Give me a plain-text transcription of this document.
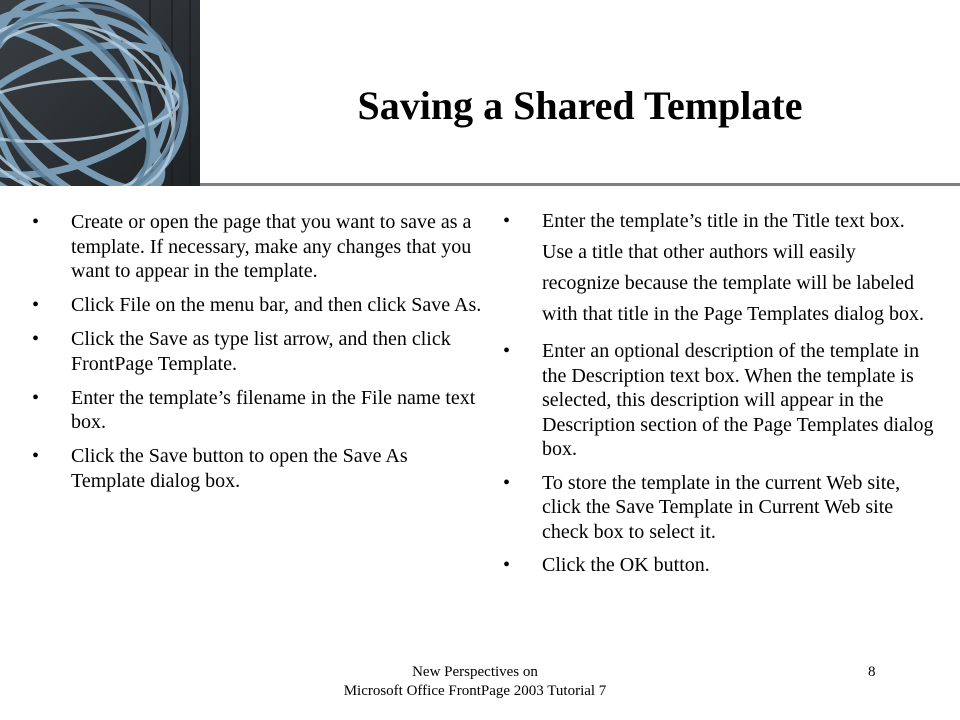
Saving a Shared Template
• Create or open the page that you want to save as a template. If necessary, make any changes that you want to appear in the template.
• Click File on the menu bar, and then click Save As.
• Click the Save as type list arrow, and then click FrontPage Template.
• Enter the template’s filename in the File name text box.
• Click the Save button to open the Save As Template dialog box.
• Enter the template’s title in the Title text box. Use a title that other authors will easily recognize because the template will be labeled with that title in the Page Templates dialog box.
• Enter an optional description of the template in the Description text box. When the template is selected, this description will appear in the Description section of the Page Templates dialog box.
• To store the template in the current Web site, click the Save Template in Current Web site check box to select it.
• Click the OK button.
New Perspectives on
Microsoft Office FrontPage 2003 Tutorial 7
8
